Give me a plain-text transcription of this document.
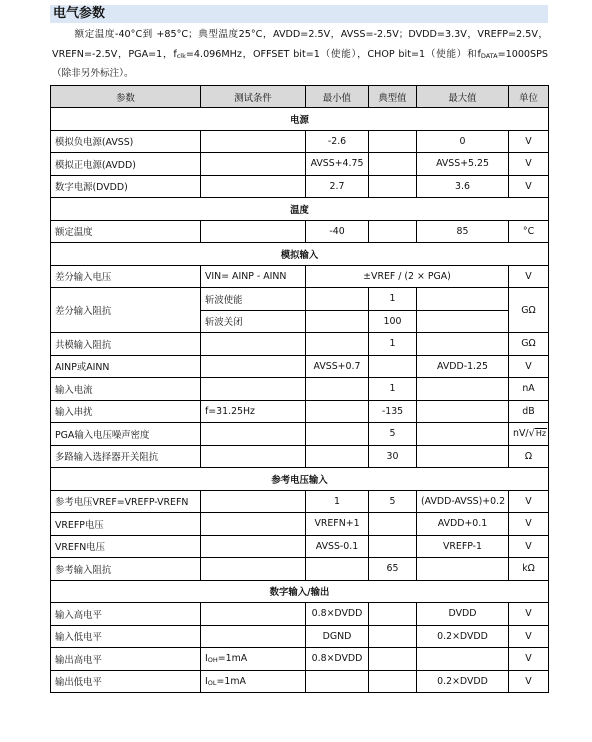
电气参数
额定温度-40°C到 +85°C；典型温度25°C，AVDD=2.5V，AVSS=-2.5V；DVDD=3.3V，VREFP=2.5V，VREFN=-2.5V，PGA=1，$f_{clk}=4.096MHz$，OFFSET bit=1（使能），CHOP bit=1（使能）和$f_{DATA}=1000SPS$（除非另外标注）。
参数	测试条件	最小值	典型值	最大值	单位
电源					
模拟负电源(AVSS)		-2.6		0	V
模拟正电源(AVDD)		AVSS+4.75		AVSS+5.25	V
数字电源(DVDD)		2.7		3.6	V
温度					
额定温度		-40		85	°C
模拟输入					
差分输入电压	VIN= AINP - AINN	±VREF / (2 × PGA)			V
差分输入阻抗	斩波使能		1		GΩ
	斩波关闭		100		
共模输入阻抗			1		GΩ
AINP或AINN		AVSS+0.7		AVDD-1.25	V
输入电流			1		nA
输入串扰	f=31.25Hz		-135		dB
PGA输入电压噪声密度			5		nV/√Hz
多路输入选择器开关阻抗			30		Ω
参考电压输入					
参考电压VREF=VREFP-VREFN		1	5	(AVDD-AVSS)+0.2	V
VREFP电压		VREFN+1		AVDD+0.1	V
VREFN电压		AVSS-0.1		VREFP-1	V
参考输入阻抗			65		kΩ
数字输入/输出					
输入高电平		0.8×DVDD		DVDD	V
输入低电平		DGND		0.2×DVDD	V
输出高电平	$I_{OH}=1mA$	0.8×DVDD			V
输出低电平	$I_{OL}=1mA$			0.2×DVDD	V
